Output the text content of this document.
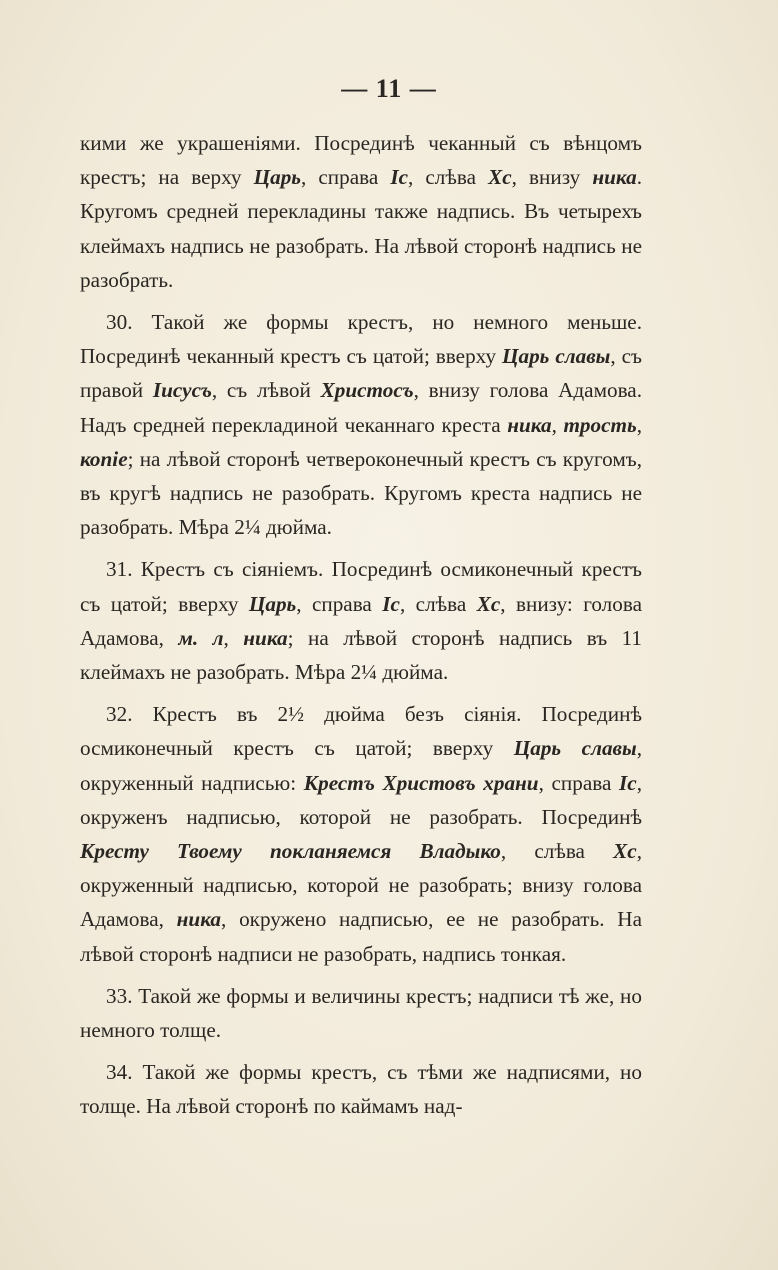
— 11 —

кими же украшеніями. Посрединѣ чеканный съ вѣнцомъ крестъ; на верху Царь, справа Іс, слѣва Хс, внизу ника. Кругомъ средней перекладины также надпись. Въ четырехъ клеймахъ надпись не разобрать. На лѣвой сторонѣ надпись не разобрать.

30. Такой же формы крестъ, но немного меньше. Посрединѣ чеканный крестъ съ цатой; вверху Царь славы, съ правой Іисусъ, съ лѣвой Христосъ, внизу голова Адамова. Надъ средней перекладиной чеканнаго креста ника, трость, копіе; на лѣвой сторонѣ четвероконечный крестъ съ кругомъ, въ кругѣ надпись не разобрать. Кругомъ креста надпись не разобрать. Мѣра 2¼ дюйма.

31. Крестъ съ сіяніемъ. Посрединѣ осмиконечный крестъ съ цатой; вверху Царь, справа Іс, слѣва Хс, внизу: голова Адамова, м. л, ника; на лѣвой сторонѣ надпись въ 11 клеймахъ не разобрать. Мѣра 2¼ дюйма.

32. Крестъ въ 2½ дюйма безъ сіянія. Посрединѣ осмиконечный крестъ съ цатой; вверху Царь славы, окруженный надписью: Крестъ Христовъ храни, справа Іс, окруженъ надписью, которой не разобрать. Посрединѣ Кресту Твоему покланяемся Владыко, слѣва Хс, окруженный надписью, которой не разобрать; внизу голова Адамова, ника, окружено надписью, ее не разобрать. На лѣвой сторонѣ надписи не разобрать, надпись тонкая.

33. Такой же формы и величины крестъ; надписи тѣ же, но немного толще.

34. Такой же формы крестъ, съ тѣми же надписями, но толще. На лѣвой сторонѣ по каймамъ над-
